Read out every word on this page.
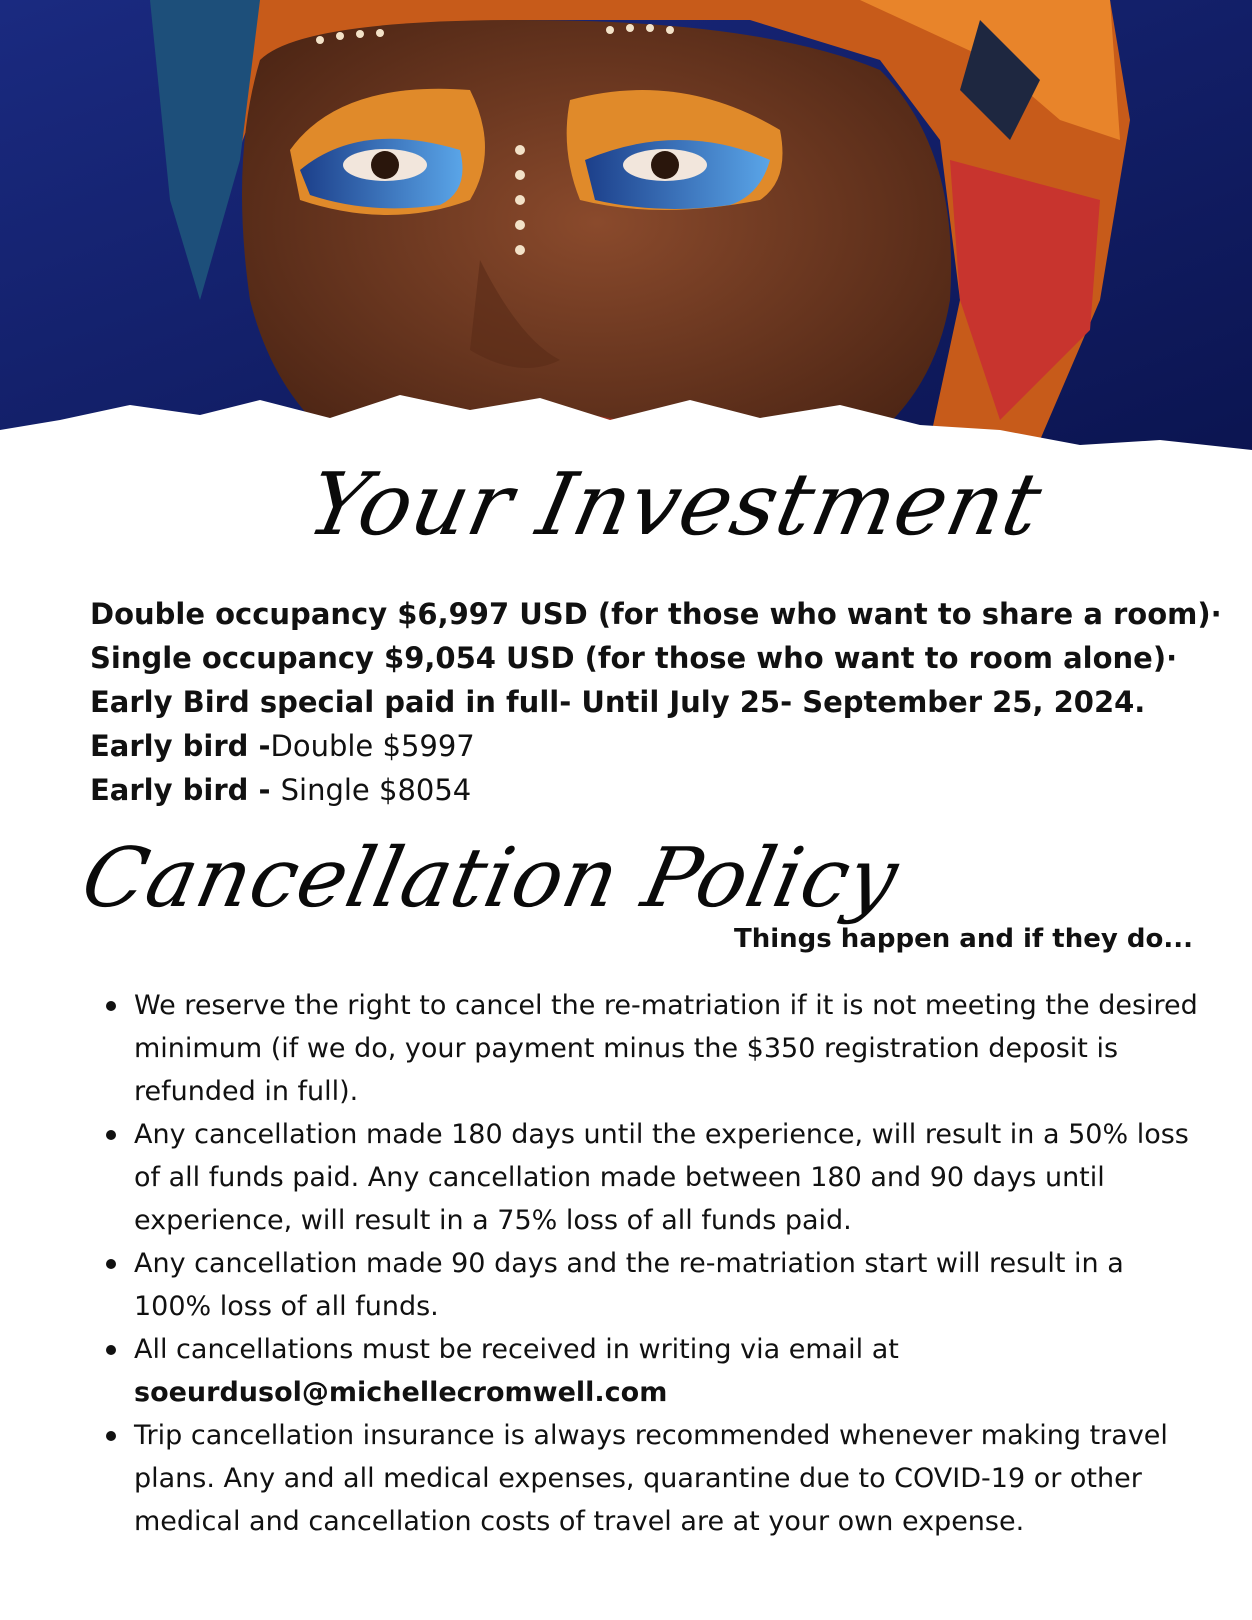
Your Investment
Double occupancy $6,997 USD (for those who want to share a room)·
Single occupancy $9,054 USD (for those who want to room alone)·
Early Bird special paid in full- Until July 25- September 25, 2024.
Early bird -Double $5997
Early bird - Single $8054
Cancellation Policy
Things happen and if they do...
We reserve the right to cancel the re-matriation if it is not meeting the desired minimum (if we do, your payment minus the $350 registration deposit is refunded in full).
Any cancellation made 180 days until the experience, will result in a 50% loss of all funds paid. Any cancellation made between 180 and 90 days until experience, will result in a 75% loss of all funds paid.
Any cancellation made 90 days and the re-matriation start will result in a 100% loss of all funds.
All cancellations must be received in writing via email at
soeurdusol@michellecromwell.com
Trip cancellation insurance is always recommended whenever making travel plans. Any and all medical expenses, quarantine due to COVID-19 or other medical and cancellation costs of travel are at your own expense.
